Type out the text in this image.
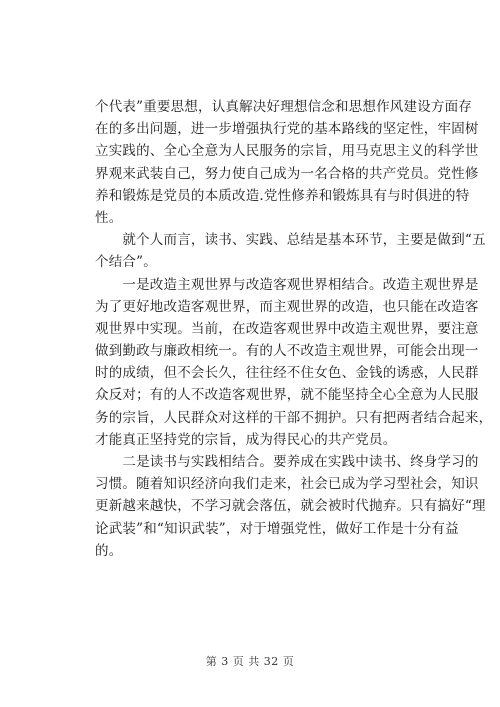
个代表”重要思想，认真解决好理想信念和思想作风建设方面存
在的多出问题，进一步增强执行党的基本路线的坚定性，牢固树
立实践的、全心全意为人民服务的宗旨，用马克思主义的科学世
界观来武装自己，努力使自己成为一名合格的共产党员。党性修
养和锻炼是党员的本质改造.党性修养和锻炼具有与时俱进的特
性。
　　就个人而言，读书、实践、总结是基本环节，主要是做到“五
个结合”。
　　一是改造主观世界与改造客观世界相结合。改造主观世界是
为了更好地改造客观世界，而主观世界的改造，也只能在改造客
观世界中实现。当前，在改造客观世界中改造主观世界，要注意
做到勤政与廉政相统一。有的人不改造主观世界，可能会出现一
时的成绩，但不会长久，往往经不住女色、金钱的诱惑，人民群
众反对；有的人不改造客观世界，就不能坚持全心全意为人民服
务的宗旨，人民群众对这样的干部不拥护。只有把两者结合起来，
才能真正坚持党的宗旨，成为得民心的共产党员。
　　二是读书与实践相结合。要养成在实践中读书、终身学习的
习惯。随着知识经济向我们走来，社会已成为学习型社会，知识
更新越来越快，不学习就会落伍，就会被时代抛弃。只有搞好“理
论武装”和“知识武装”，对于增强党性，做好工作是十分有益
的。
第 3 页 共 32 页
